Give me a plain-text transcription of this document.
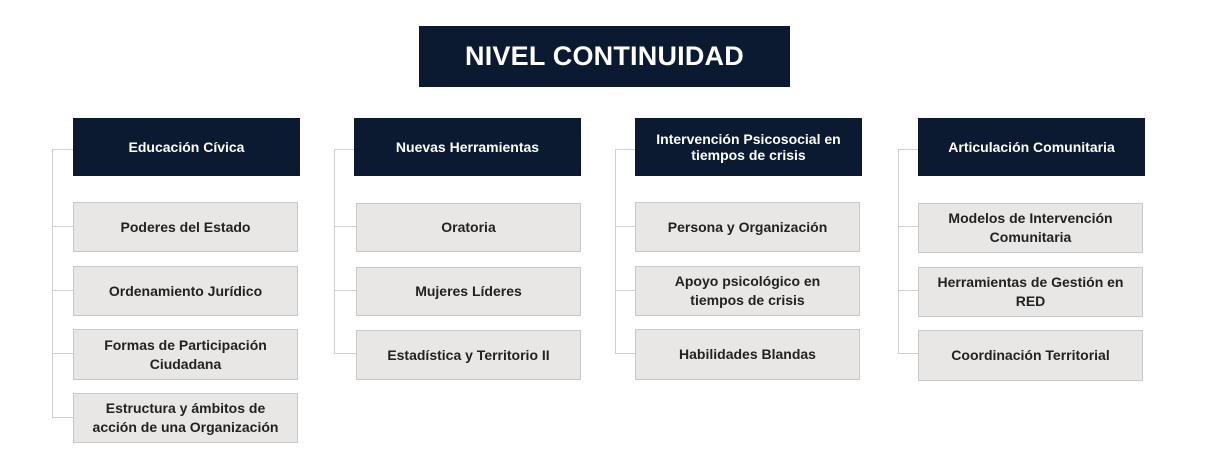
NIVEL CONTINUIDAD
Educación Cívica
Poderes del Estado
Ordenamiento Jurídico
Formas de Participación Ciudadana
Estructura y ámbitos de acción de una Organización
Nuevas Herramientas
Oratoria
Mujeres Líderes
Estadística y Territorio II
Intervención Psicosocial en tiempos de crisis
Persona y Organización
Apoyo psicológico en tiempos de crisis
Habilidades Blandas
Articulación Comunitaria
Modelos de Intervención Comunitaria
Herramientas de Gestión en RED
Coordinación Territorial
